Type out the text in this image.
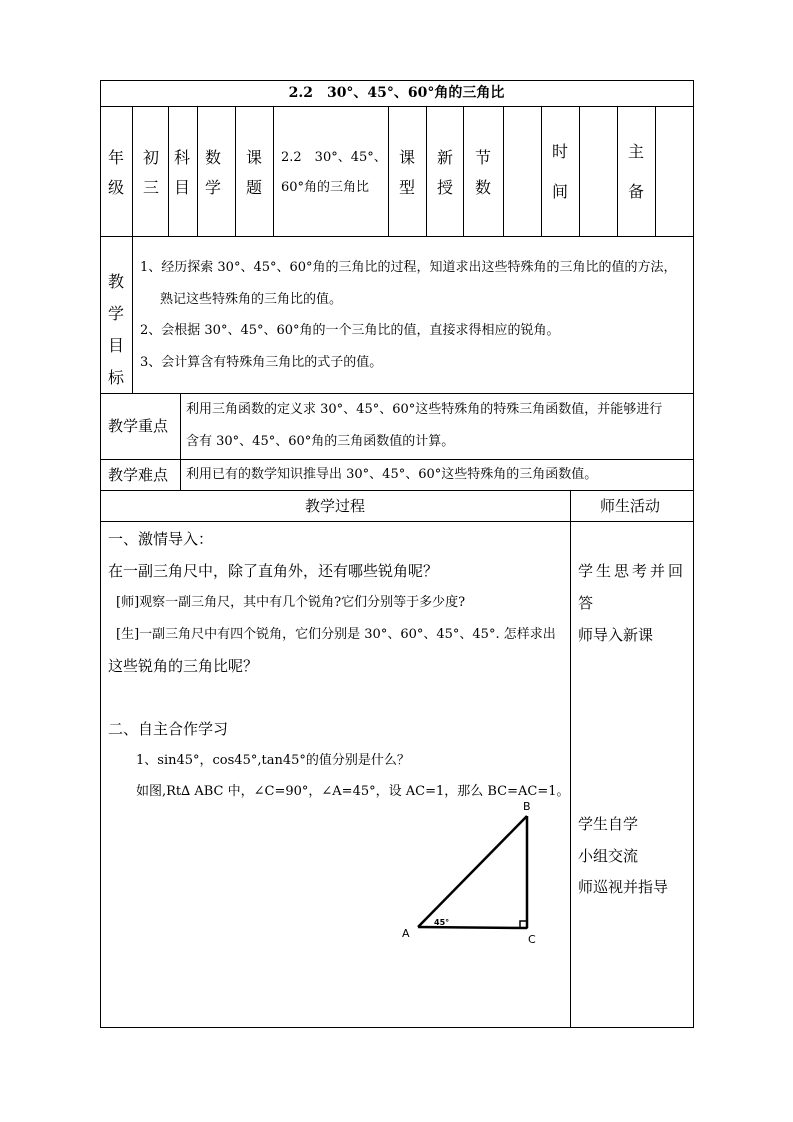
2.2　30°、45°、60°角的三角比
年
级
初
三
科
目
数
学
课
题
2.2　30°、45°、
60°角的三角比
课
型
新
授
节
数
时
间
主
备
教
学
目
标
1、经历探索 30°、45°、60°角的三角比的过程，知道求出这些特殊角的三角比的值的方法，
熟记这些特殊角的三角比的值。
2、会根据 30°、45°、60°角的一个三角比的值，直接求得相应的锐角。
3、会计算含有特殊角三角比的式子的值。
教学重点
利用三角函数的定义求 30°、45°、60°这些特殊角的特殊三角函数值，并能够进行
含有 30°、45°、60°角的三角函数值的计算。
教学难点 利用已有的数学知识推导出 30°、45°、60°这些特殊角的三角函数值。
教学过程	师生活动
一、激情导入：
在一副三角尺中，除了直角外，还有哪些锐角呢？
[师]观察一副三角尺，其中有几个锐角?它们分别等于多少度?
[生]一副三角尺中有四个锐角，它们分别是 30°、60°、45°、45°. 怎样求出
这些锐角的三角比呢？
二、自主合作学习
1、sin45°，cos45°,tan45°的值分别是什么？
如图,Rt∆ ABC 中，∠C=90°，∠A=45°，设 AC=1，那么 BC=AC=1。
学生思考并回
答
师导入新课
学生自学
小组交流
师巡视并指导
A
B
C
45°
